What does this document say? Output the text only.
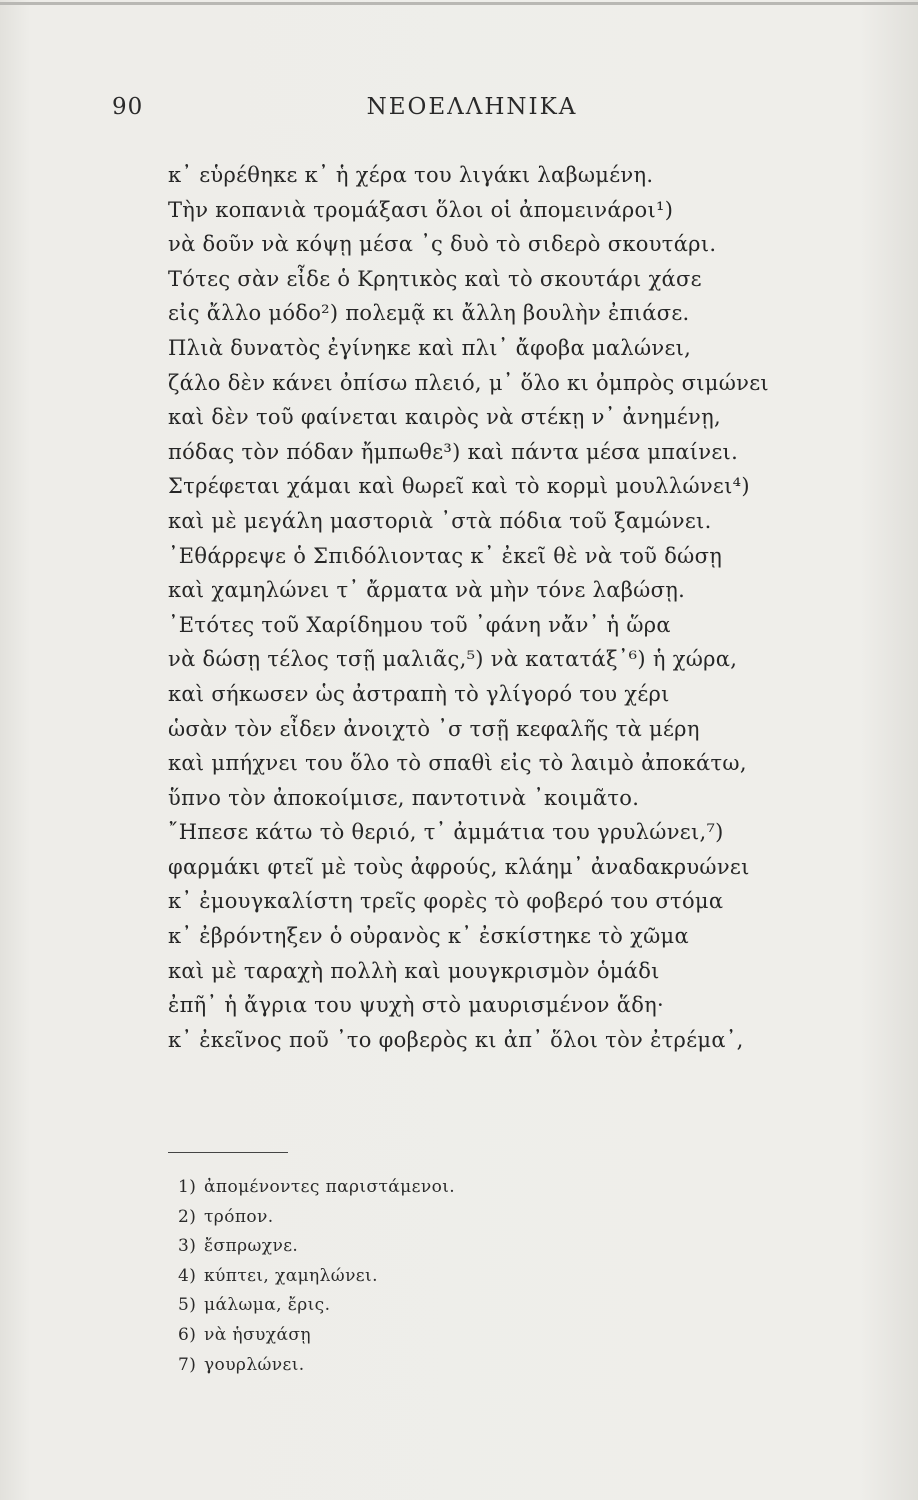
90	ΝΕΟΕΛΛΗΝΙΚΑ
κ᾿ εὑρέθηκε κ᾿ ἡ χέρα του λιγάκι λαβωμένη.
Τὴν κοπανιὰ τρομάξασι ὅλοι οἱ ἀπομεινάροι¹)
νὰ δοῦν νὰ κόψῃ μέσα ᾿ς δυὸ τὸ σιδερὸ σκουτάρι.
Τότες σὰν εἶδε ὁ Κρητικὸς καὶ τὸ σκουτάρι χάσε
εἰς ἄλλο μόδο²) πολεμᾷ κι ἄλλη βουλὴν ἐπιάσε.
Πλιὰ δυνατὸς ἐγίνηκε καὶ πλι᾿ ἄφοβα μαλώνει,
ζάλο δὲν κάνει ὀπίσω πλειό, μ᾿ ὅλο κι ὀμπρὸς σιμώνει
καὶ δὲν τοῦ φαίνεται καιρὸς νὰ στέκῃ ν᾿ ἀνημένῃ,
πόδας τὸν πόδαν ἤμπωθε³) καὶ πάντα μέσα μπαίνει.
Στρέφεται χάμαι καὶ θωρεῖ καὶ τὸ κορμὶ μουλλώνει⁴)
καὶ μὲ μεγάλη μαστοριὰ ᾿στὰ πόδια τοῦ ξαμώνει.
᾿Εθάρρεψε ὁ Σπιδόλιοντας κ᾿ ἐκεῖ θὲ νὰ τοῦ δώσῃ
καὶ χαμηλώνει τ᾿ ἄρματα νὰ μὴν τόνε λαβώσῃ.
᾿Ετότες τοῦ Χαρίδημου τοῦ ᾿φάνη νἄν᾿ ἡ ὥρα
νὰ δώσῃ τέλος τσῇ μαλιᾶς,⁵) νὰ κατατάξ᾿⁶) ἡ χώρα,
καὶ σήκωσεν ὡς ἀστραπὴ τὸ γλίγορό του χέρι
ὡσὰν τὸν εἶδεν ἀνοιχτὸ ᾿σ τσῇ κεφαλῆς τὰ μέρη
καὶ μπήχνει του ὅλο τὸ σπαθὶ εἰς τὸ λαιμὸ ἀποκάτω,
ὕπνο τὸν ἀποκοίμισε, παντοτινὰ ᾿κοιμᾶτο.
῎Ηπεσε κάτω τὸ θεριό, τ᾿ ἀμμάτια του γρυλώνει,⁷)
φαρμάκι φτεῖ μὲ τοὺς ἀφρούς, κλάημ᾿ ἀναδακρυώνει
κ᾿ ἐμουγκαλίστη τρεῖς φορὲς τὸ φοβερό του στόμα
κ᾿ ἐβρόντηξεν ὁ οὐρανὸς κ᾿ ἐσκίστηκε τὸ χῶμα
καὶ μὲ ταραχὴ πολλὴ καὶ μουγκρισμὸν ὁμάδι
ἐπῆ᾿ ἡ ἄγρια του ψυχὴ στὸ μαυρισμένον ἅδη·
κ᾿ ἐκεῖνος ποῦ ᾿το φοβερὸς κι ἀπ᾿ ὅλοι τὸν ἐτρέμα᾿,
1) ἀπομένοντες παριστάμενοι.
2) τρόπον.
3) ἔσπρωχνε.
4) κύπτει, χαμηλώνει.
5) μάλωμα, ἔρις.
6) νὰ ἡσυχάσῃ
7) γουρλώνει.
